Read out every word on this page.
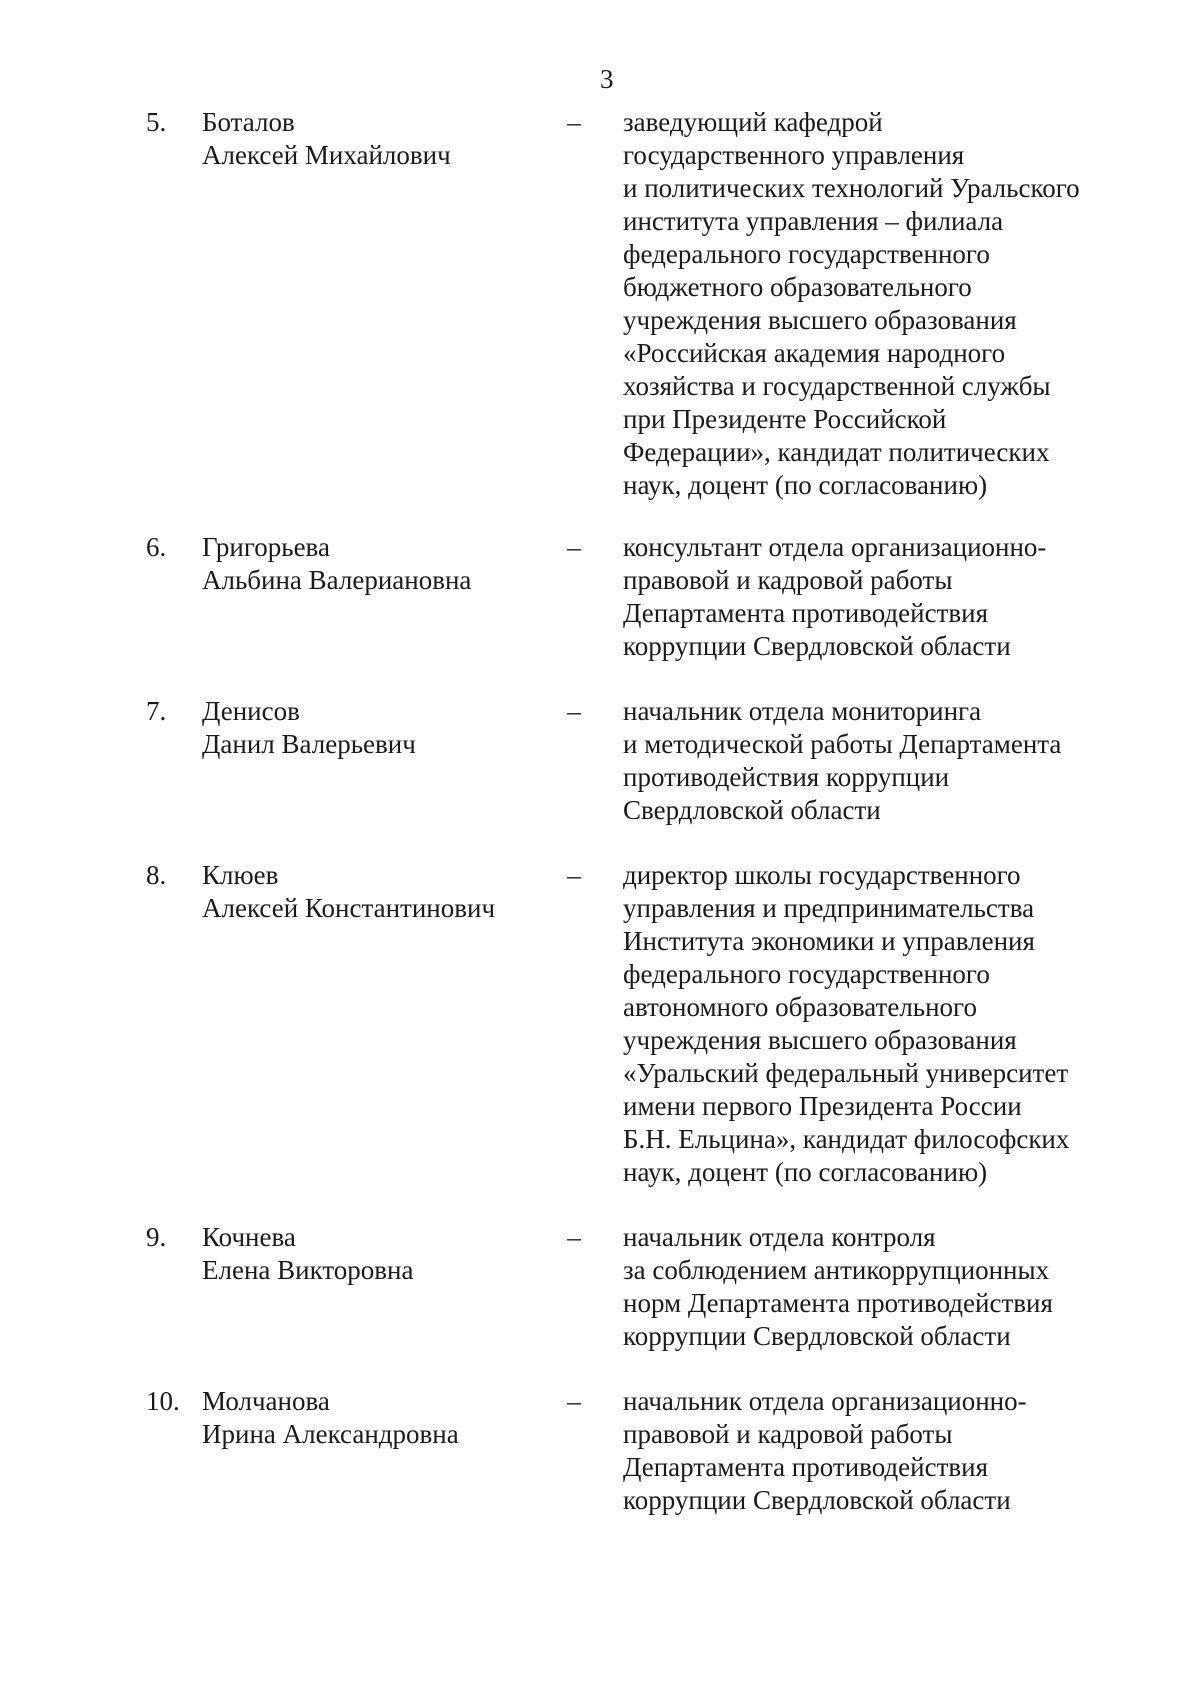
3
5. Боталов
Алексей Михайлович
– заведующий кафедрой
государственного управления
и политических технологий Уральского
института управления – филиала
федерального государственного
бюджетного образовательного
учреждения высшего образования
«Российская академия народного
хозяйства и государственной службы
при Президенте Российской
Федерации», кандидат политических
наук, доцент (по согласованию)
6. Григорьева
Альбина Валериановна
– консультант отдела организационно-
правовой и кадровой работы
Департамента противодействия
коррупции Свердловской области
7. Денисов
Данил Валерьевич
– начальник отдела мониторинга
и методической работы Департамента
противодействия коррупции
Свердловской области
8. Клюев
Алексей Константинович
– директор школы государственного
управления и предпринимательства
Института экономики и управления
федерального государственного
автономного образовательного
учреждения высшего образования
«Уральский федеральный университет
имени первого Президента России
Б.Н. Ельцина», кандидат философских
наук, доцент (по согласованию)
9. Кочнева
Елена Викторовна
– начальник отдела контроля
за соблюдением антикоррупционных
норм Департамента противодействия
коррупции Свердловской области
10. Молчанова
Ирина Александровна
– начальник отдела организационно-
правовой и кадровой работы
Департамента противодействия
коррупции Свердловской области
